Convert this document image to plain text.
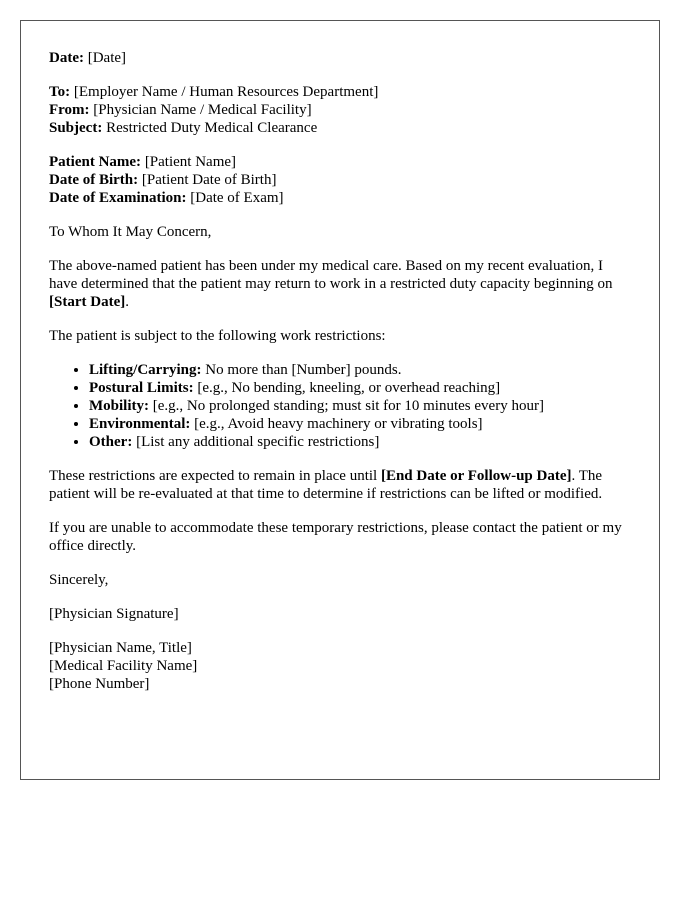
Date: [Date]
To: [Employer Name / Human Resources Department]
From: [Physician Name / Medical Facility]
Subject: Restricted Duty Medical Clearance
Patient Name: [Patient Name]
Date of Birth: [Patient Date of Birth]
Date of Examination: [Date of Exam]

To Whom It May Concern,

The above-named patient has been under my medical care. Based on my recent evaluation, I have determined that the patient may return to work in a restricted duty capacity beginning on [Start Date].

The patient is subject to the following work restrictions:

• Lifting/Carrying: No more than [Number] pounds.
• Postural Limits: [e.g., No bending, kneeling, or overhead reaching]
• Mobility: [e.g., No prolonged standing; must sit for 10 minutes every hour]
• Environmental: [e.g., Avoid heavy machinery or vibrating tools]
• Other: [List any additional specific restrictions]

These restrictions are expected to remain in place until [End Date or Follow-up Date]. The patient will be re-evaluated at that time to determine if restrictions can be lifted or modified.

If you are unable to accommodate these temporary restrictions, please contact the patient or my office directly.

Sincerely,

[Physician Signature]

[Physician Name, Title]
[Medical Facility Name]
[Phone Number]
